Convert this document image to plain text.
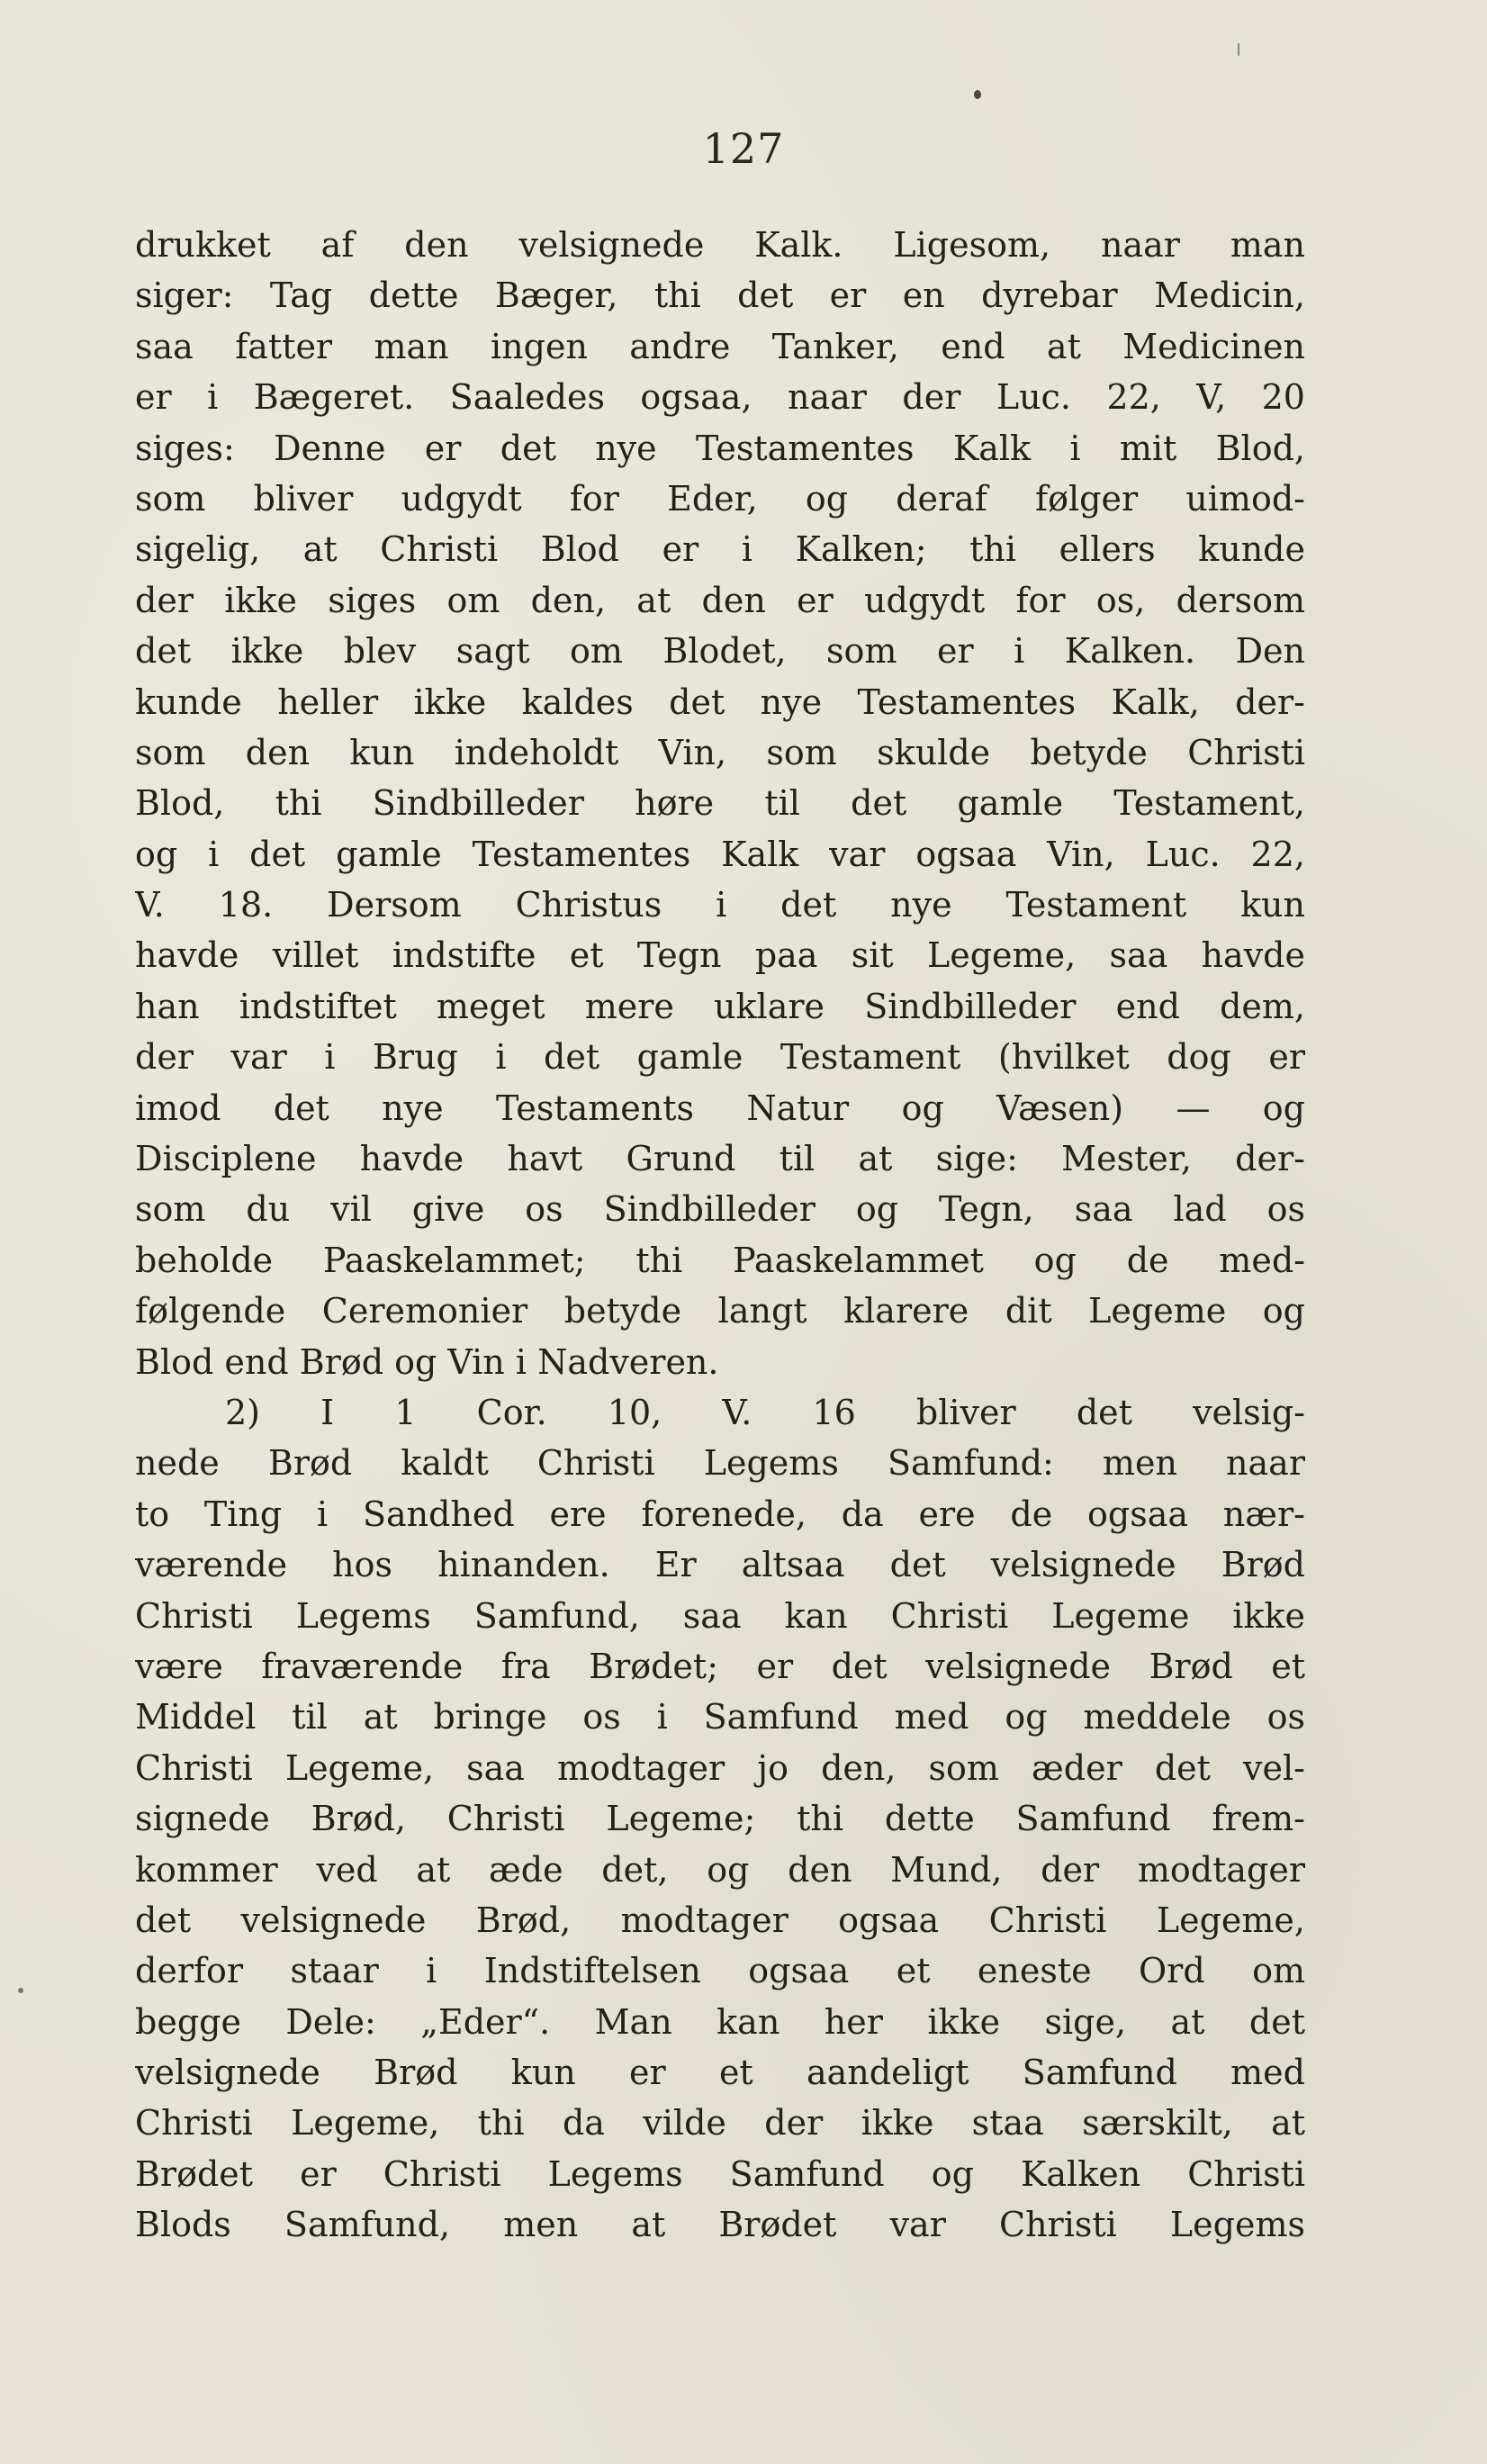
127
drukket af den velsignede Kalk. Ligesom, naar man
siger: Tag dette Bæger, thi det er en dyrebar Medicin,
saa fatter man ingen andre Tanker, end at Medicinen
er i Bægeret. Saaledes ogsaa, naar der Luc. 22, V, 20
siges: Denne er det nye Testamentes Kalk i mit Blod,
som bliver udgydt for Eder, og deraf følger uimod-
sigelig, at Christi Blod er i Kalken; thi ellers kunde
der ikke siges om den, at den er udgydt for os, dersom
det ikke blev sagt om Blodet, som er i Kalken. Den
kunde heller ikke kaldes det nye Testamentes Kalk, der-
som den kun indeholdt Vin, som skulde betyde Christi
Blod, thi Sindbilleder høre til det gamle Testament,
og i det gamle Testamentes Kalk var ogsaa Vin, Luc. 22,
V. 18. Dersom Christus i det nye Testament kun
havde villet indstifte et Tegn paa sit Legeme, saa havde
han indstiftet meget mere uklare Sindbilleder end dem,
der var i Brug i det gamle Testament (hvilket dog er
imod det nye Testaments Natur og Væsen) — og
Disciplene havde havt Grund til at sige: Mester, der-
som du vil give os Sindbilleder og Tegn, saa lad os
beholde Paaskelammet; thi Paaskelammet og de med-
følgende Ceremonier betyde langt klarere dit Legeme og
Blod end Brød og Vin i Nadveren.
2) I 1 Cor. 10, V. 16 bliver det velsig-
nede Brød kaldt Christi Legems Samfund: men naar
to Ting i Sandhed ere forenede, da ere de ogsaa nær-
værende hos hinanden. Er altsaa det velsignede Brød
Christi Legems Samfund, saa kan Christi Legeme ikke
være fraværende fra Brødet; er det velsignede Brød et
Middel til at bringe os i Samfund med og meddele os
Christi Legeme, saa modtager jo den, som æder det vel-
signede Brød, Christi Legeme; thi dette Samfund frem-
kommer ved at æde det, og den Mund, der modtager
det velsignede Brød, modtager ogsaa Christi Legeme,
derfor staar i Indstiftelsen ogsaa et eneste Ord om
begge Dele: „Eder“. Man kan her ikke sige, at det
velsignede Brød kun er et aandeligt Samfund med
Christi Legeme, thi da vilde der ikke staa særskilt, at
Brødet er Christi Legems Samfund og Kalken Christi
Blods Samfund, men at Brødet var Christi Legems
